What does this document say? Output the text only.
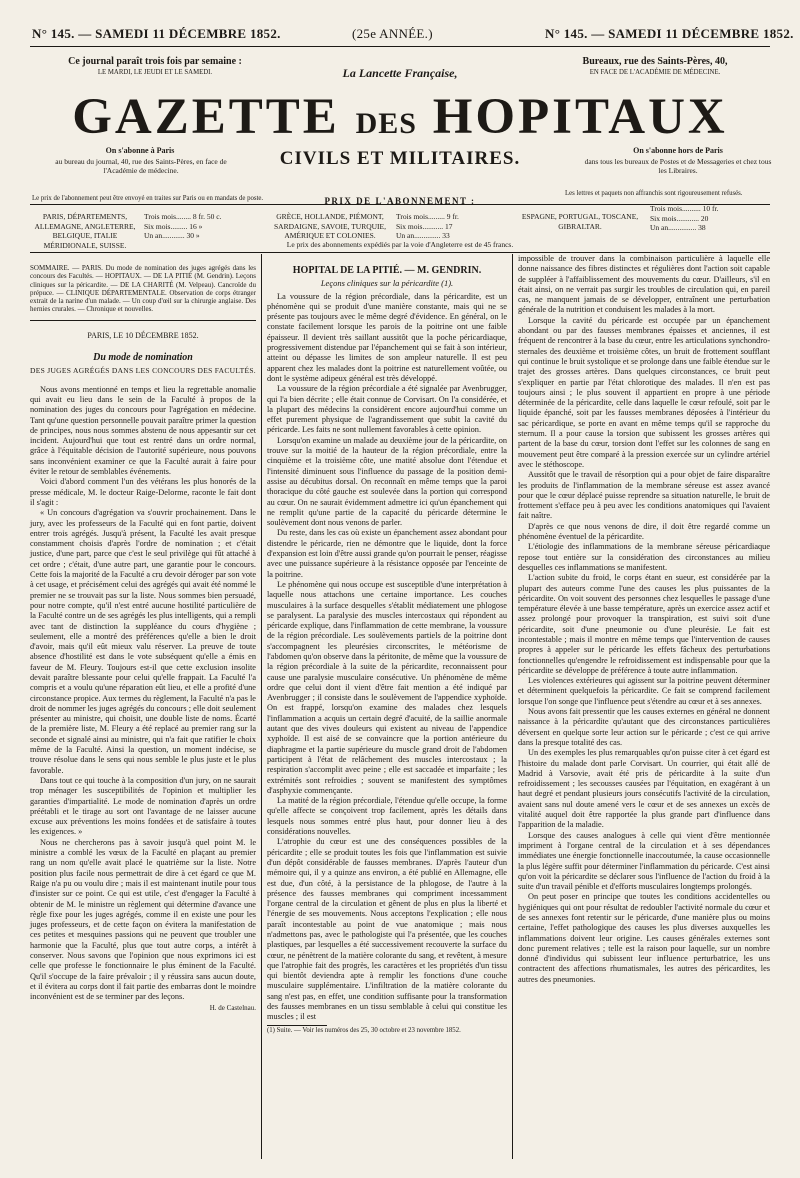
N° 145. — SAMEDI 11 DÉCEMBRE 1852.	(25e ANNÉE.)	N° 145. — SAMEDI 11 DÉCEMBRE 1852.
Ce journal paraît trois fois par semaine :
LE MARDI, LE JEUDI ET LE SAMEDI.	La Lancette Française,
Bureaux, rue des Saints-Pères, 40,
EN FACE DE L'ACADÉMIE DE MÉDECINE.
GAZETTE DES HOPITAUX
CIVILS ET MILITAIRES.
On s'abonne à Paris
au bureau du journal, 40, rue des Saints-Pères, en face de l'Académie de médecine.
On s'abonne hors de Paris
dans tous les bureaux de Postes et de Messageries et chez tous les Libraires.
Le prix de l'abonnement peut être envoyé en traites sur Paris ou en mandats de poste.
Les lettres et paquets non affranchis sont rigoureusement refusés.
PRIX DE L'ABONNEMENT :
PARIS, DÉPARTEMENTS, ALLEMAGNE, ANGLETERRE, BELGIQUE, ITALIE MÉRIDIONALE, SUISSE.
Trois mois........ 8 fr. 50 c.
Six mois......... 16 »
Un an............ 30 »
GRÈCE, HOLLANDE, PIÉMONT, SARDAIGNE, SAVOIE, TURQUIE, AMÉRIQUE ET COLONIES.
Trois mois......... 9 fr.
Six mois........... 17
Un an.............. 33
ESPAGNE, PORTUGAL, TOSCANE, GIBRALTAR.
Trois mois.......... 10 fr.
Six mois............ 20
Un an............... 38
Le prix des abonnements expédiés par la voie d'Angleterre est de 45 francs.
SOMMAIRE. — PARIS. Du mode de nomination des juges agrégés dans les concours des Facultés. — HOPITAUX. — DE LA PITIÉ (M. Gendrin). Leçons cliniques sur la péricardite. — DE LA CHARITÉ (M. Velpeau). Cancroïde du prépuce. — CLINIQUE DÉPARTEMENTALE. Observation de corps étranger extrait de la narine d'un malade. — Un coup d'œil sur la chirurgie anglaise. Des hernies crurales. — Chronique et nouvelles.
PARIS, LE 10 DÉCEMBRE 1852.
Du mode de nomination
DES JUGES AGRÉGÉS DANS LES CONCOURS DES FACULTÉS.

Nous avons mentionné en temps et lieu la regrettable anomalie qui avait eu lieu dans le sein de la Faculté à propos de la nomination des juges du concours pour l'agrégation en médecine. Tant qu'une question personnelle pouvait paraître primer la question de principes, nous nous sommes abstenu de nous appesantir sur cet incident. Aujourd'hui que tout est rentré dans un ordre normal, grâce à l'équitable décision de l'autorité supérieure, nous pouvons sans inconvénient examiner ce que la Faculté aurait à faire pour éviter le retour de semblables événements.

Voici d'abord comment l'un des vétérans les plus honorés de la presse médicale, M. le docteur Raige-Delorme, raconte le fait dont il s'agit :

« Un concours d'agrégation va s'ouvrir prochainement. Dans le jury, avec les professeurs de la Faculté qui en font partie, doivent entrer trois agrégés. Jusqu'à présent, la Faculté les avait presque constamment choisis d'après l'ordre de nomination ; et c'était justice, d'une part, parce que c'est le seul privilège qui fût attaché à cet ordre ; c'était, d'une autre part, une garantie pour le concours. Cette fois la majorité de la Faculté a cru devoir déroger par son vote à cet usage, et précisément celui des agrégés qui avait été nommé le premier ne se trouvait pas sur la liste. Nous sommes bien persuadé, pour notre compte, qu'il n'est entré aucune hostilité particulière de la Faculté contre un de ses agrégés les plus intelligents, qui a rempli avec tant de distinction la suppléance du cours d'hygiène ; seulement, elle a montré des préférences qu'elle a bien le droit d'avoir, mais qu'il eût mieux valu réserver. La preuve de toute absence d'hostilité est dans le vote subséquent qu'elle a émis en faveur de M. Fleury. Toujours est-il que cette exclusion insolite devait paraître blessante pour celui qu'elle frappait. La Faculté l'a compris et a voulu qu'une réparation eût lieu, et elle a profité d'une circonstance propice. Aux termes du règlement, la Faculté n'a pas le droit de nommer les juges agrégés du concours ; elle doit seulement présenter au ministre, qui choisit, une double liste de noms. Écarté de la première liste, M. Fleury a été replacé au premier rang sur la seconde et signalé ainsi au ministre, qui n'a fait que ratifier le choix même de la Faculté. Ainsi la question, un moment indécise, se trouve résolue dans le sens qui nous semble le plus juste et le plus favorable.

Dans tout ce qui touche à la composition d'un jury, on ne saurait trop ménager les susceptibilités de l'opinion et multiplier les garanties d'impartialité. Le mode de nomination d'après un ordre préétabli et le tirage au sort ont l'avantage de ne laisser aucune excuse aux préventions les moins fondées et de satisfaire à toutes les exigences. »

Nous ne chercherons pas à savoir jusqu'à quel point M. le ministre a comblé les vœux de la Faculté en plaçant au premier rang un nom qu'elle avait placé le quatrième sur la liste. Notre position plus facile nous permettrait de dire à cet égard ce que M. Raige n'a pu ou voulu dire ; mais il est maintenant inutile pour tous d'insister sur ce point. Ce qui est utile, c'est d'engager la Faculté à obtenir de M. le ministre un règlement qui détermine d'avance une règle fixe pour les juges agrégés, comme il en existe une pour les juges professeurs, et de cette façon on évitera la manifestation de ces petites et mesquines passions qui ne peuvent que troubler une harmonie que la Faculté, plus que tout autre corps, a intérêt à conserver. Nous savons que l'opinion que nous exprimons ici est celle que professe le fonctionnaire le plus éminent de la Faculté. Qu'il s'occupe de la faire prévaloir ; il y réussira sans aucun doute, et il évitera au corps dont il fait partie des embarras dont le moindre inconvénient est de se terminer par des leçons.

H. de Castelnau.
HOPITAL DE LA PITIÉ. — M. GENDRIN.
Leçons cliniques sur la péricardite (1).

La voussure de la région précordiale, dans la péricardite, est un phénomène qui se produit d'une manière constante, mais qui ne se présente pas toujours avec le même degré d'évidence. En général, on le constate facilement lorsque les parois de la poitrine ont une faible épaisseur. Il devient très saillant aussitôt que la poche péricardiaque, progressivement distendue par l'épanchement qui se fait à son intérieur, atteint ou dépasse les limites de son ampleur naturelle. Il est peu apparent chez les malades dont la poitrine est naturellement voûtée, ou dont le système adipeux général est très développé.

La voussure de la région précordiale a été signalée par Avenbrugger, qui l'a bien décrite ; elle était connue de Corvisart. On l'a considérée, et la plupart des médecins la considèrent encore aujourd'hui comme un effet purement physique de l'agrandissement que subit la cavité du péricarde. Les faits ne sont nullement favorables à cette opinion.

Lorsqu'on examine un malade au deuxième jour de la péricardite, on trouve sur la moitié de la hauteur de la région précordiale, entre la cinquième et la troisième côte, une matité absolue dont l'étendue et l'intensité diminuent sous l'influence du passage de la position demi-assise au décubitus dorsal. On reconnaît en même temps que la paroi thoracique du côté gauche est soulevée dans la portion qui correspond au cœur. On ne saurait évidemment admettre ici qu'un épanchement qui ne remplit qu'une partie de la capacité du péricarde détermine le soulèvement dont nous venons de parler.

Du reste, dans les cas où existe un épanchement assez abondant pour distendre le péricarde, rien ne démontre que le liquide, dont la force d'expansion est loin d'être aussi grande qu'on pourrait le penser, réagisse avec une puissance supérieure à la résistance opposée par l'enceinte de la poitrine.

Le phénomène qui nous occupe est susceptible d'une interprétation à laquelle nous attachons une certaine importance. Les couches musculaires à la surface desquelles s'établit médiatement une phlogose se paralysent. La paralysie des muscles intercostaux qui répondent au péricarde explique, dans l'inflammation de cette membrane, la voussure de la région précordiale. Les soulèvements partiels de la poitrine dont s'accompagnent les pleurésies circonscrites, le météorisme de l'abdomen qu'on observe dans la péritonite, de même que la voussure de la région précordiale à la suite de la péricardite, reconnaissent pour cause une paralysie musculaire consécutive. Un phénomène de même ordre que celui dont il vient d'être fait mention a été indiqué par Avenbrugger ; il consiste dans le soulèvement de l'appendice xyphoïde. On est frappé, lorsqu'on examine des malades chez lesquels l'inflammation a acquis un certain degré d'acuité, de la saillie anormale autant que des vives douleurs qui existent au niveau de l'appendice xyphoïde. Il est aisé de se convaincre que la portion antérieure du diaphragme et la partie supérieure du muscle grand droit de l'abdomen participent à l'état de relâchement des muscles intercostaux ; la respiration s'accomplit avec peine ; elle est saccadée et imparfaite ; les extrémités sont refroidies ; souvent se manifestent des symptômes d'asphyxie commençante.

La matité de la région précordiale, l'étendue qu'elle occupe, la forme qu'elle affecte se conçoivent trop facilement, après les détails dans lesquels nous sommes entré plus haut, pour donner lieu à des considérations nouvelles.

L'atrophie du cœur est une des conséquences possibles de la péricardite ; elle se produit toutes les fois que l'inflammation est suivie d'un dépôt considérable de fausses membranes. D'après l'auteur d'un mémoire qui, il y a quinze ans environ, a été publié en Allemagne, elle est due, d'un côté, à la persistance de la phlogose, de l'autre à la présence des fausses membranes qui compriment incessamment l'organe central de la circulation et gênent de plus en plus la liberté et l'énergie de ses mouvements. Nous acceptons l'explication ; elle nous paraît incontestable au point de vue anatomique ; mais nous n'admettons pas, avec le pathologiste qui l'a présentée, que les couches plastiques, par lesquelles a été successivement recouverte la surface du cœur, ne pénètrent de la matière colorante du sang, et revêtent, à mesure que l'atrophie fait des progrès, les caractères et les propriétés d'un tissu qui bientôt deviendra apte à remplir les fonctions d'une couche musculaire supplémentaire. L'infiltration de la matière colorante du sang n'est pas, en effet, une condition suffisante pour la transformation des fausses membranes en un tissu semblable à celui qui constitue les muscles ; il est

(1) Suite. — Voir les numéros des 25, 30 octobre et 23 novembre 1852.

impossible de trouver dans la combinaison particulière à laquelle elle donne naissance des fibres distinctes et régulières dont l'action soit capable de suppléer à l'affaiblissement des mouvements du cœur. D'ailleurs, s'il en était ainsi, on ne verrait pas surgir les troubles de circulation qui, en pareil cas, ne manquent jamais de se développer, entraînent une perturbation générale de la nutrition et conduisent les malades à la mort.

Lorsque la cavité du péricarde est occupée par un épanchement abondant ou par des fausses membranes épaisses et anciennes, il est fréquent de rencontrer à la base du cœur, entre les articulations synchondro-sternales des deuxième et troisième côtes, un bruit de frottement soufflant qui continue le bruit systolique et se prolonge dans une faible étendue sur le trajet des grosses artères. Dans quelques circonstances, ce bruit peut s'expliquer en partie par l'état chlorotique des malades. Il n'en est pas toujours ainsi ; le plus souvent il appartient en propre à une période déterminée de la péricardite, celle dans laquelle le cœur refoulé, soit par le liquide épanché, soit par les fausses membranes déposées à l'intérieur du sac péricardique, se porte en avant en même temps qu'il se rapproche du sternum. Il a pour cause la torsion que subissent les grosses artères qui partent de la base du cœur, torsion dont l'effet sur les colonnes de sang en mouvement peut être comparé à la pression exercée sur un cylindre artériel avec le stéthoscope.

Aussitôt que le travail de résorption qui a pour objet de faire disparaître les produits de l'inflammation de la membrane séreuse est assez avancé pour que le cœur déplacé puisse reprendre sa situation naturelle, le bruit de frottement s'efface peu à peu avec les conditions anatomiques qui l'avaient fait naître.

D'après ce que nous venons de dire, il doit être regardé comme un phénomène éventuel de la péricardite.

L'étiologie des inflammations de la membrane séreuse péricardiaque repose tout entière sur la considération des circonstances au milieu desquelles ces inflammations se manifestent.

L'action subite du froid, le corps étant en sueur, est considérée par la plupart des auteurs comme l'une des causes les plus puissantes de la péricardite. On voit souvent des personnes chez lesquelles le passage d'une température élevée à une basse température, après un exercice assez actif et assez prolongé pour provoquer la transpiration, est suivi soit d'une péricardite, soit d'une pneumonie ou d'une pleurésie. Le fait est incontestable ; mais il montre en même temps que l'intervention de causes propres à appeler sur le péricarde les effets fâcheux des perturbations fonctionnelles qu'engendre le refroidissement est indispensable pour que la péricardite se développe de préférence à toute autre inflammation.

Les violences extérieures qui agissent sur la poitrine peuvent déterminer et déterminent quelquefois la péricardite. Ce fait se comprend facilement lorsque l'on songe que l'influence peut s'étendre au cœur et à ses annexes.

Nous avons fait pressentir que les causes externes en général ne donnent naissance à la péricardite qu'autant que des circonstances particulières déversent en quelque sorte leur action sur le péricarde ; c'est ce qui arrive dans la presque totalité des cas.

Un des exemples les plus remarquables qu'on puisse citer à cet égard est l'histoire du malade dont parle Corvisart. Un courrier, qui était allé de Madrid à Varsovie, avait été pris de péricardite à la suite d'un refroidissement ; les secousses causées par l'équitation, en exagérant à un haut degré et pendant plusieurs jours consécutifs l'activité de la circulation, avaient sans nul doute amené vers le cœur et de ses annexes un excès de vitalité auquel doit être rapportée la plus grande part d'influence dans l'apparition de la maladie.

Lorsque des causes analogues à celle qui vient d'être mentionnée impriment à l'organe central de la circulation et à ses dépendances immédiates une énergie fonctionnelle inaccoutumée, la cause occasionnelle la plus légère suffit pour déterminer l'inflammation du péricarde. C'est ainsi qu'on voit la péricardite se déclarer sous l'influence de l'action du froid à la suite d'un travail pénible et d'efforts musculaires longtemps prolongés.

On peut poser en principe que toutes les conditions accidentelles ou hygiéniques qui ont pour résultat de redoubler l'activité normale du cœur et de ses annexes font retentir sur le péricarde, d'une manière plus ou moins certaine, l'effet pathologique des causes les plus diverses auxquelles les inflammations doivent leur origine. Les causes générales externes sont donc purement relatives ; telle est la raison pour laquelle, sur un nombre donné d'individus qui subissent leur influence perturbatrice, les uns contractent des affections rhumatismales, les autres des péricardites, les autres des pneumonies.
